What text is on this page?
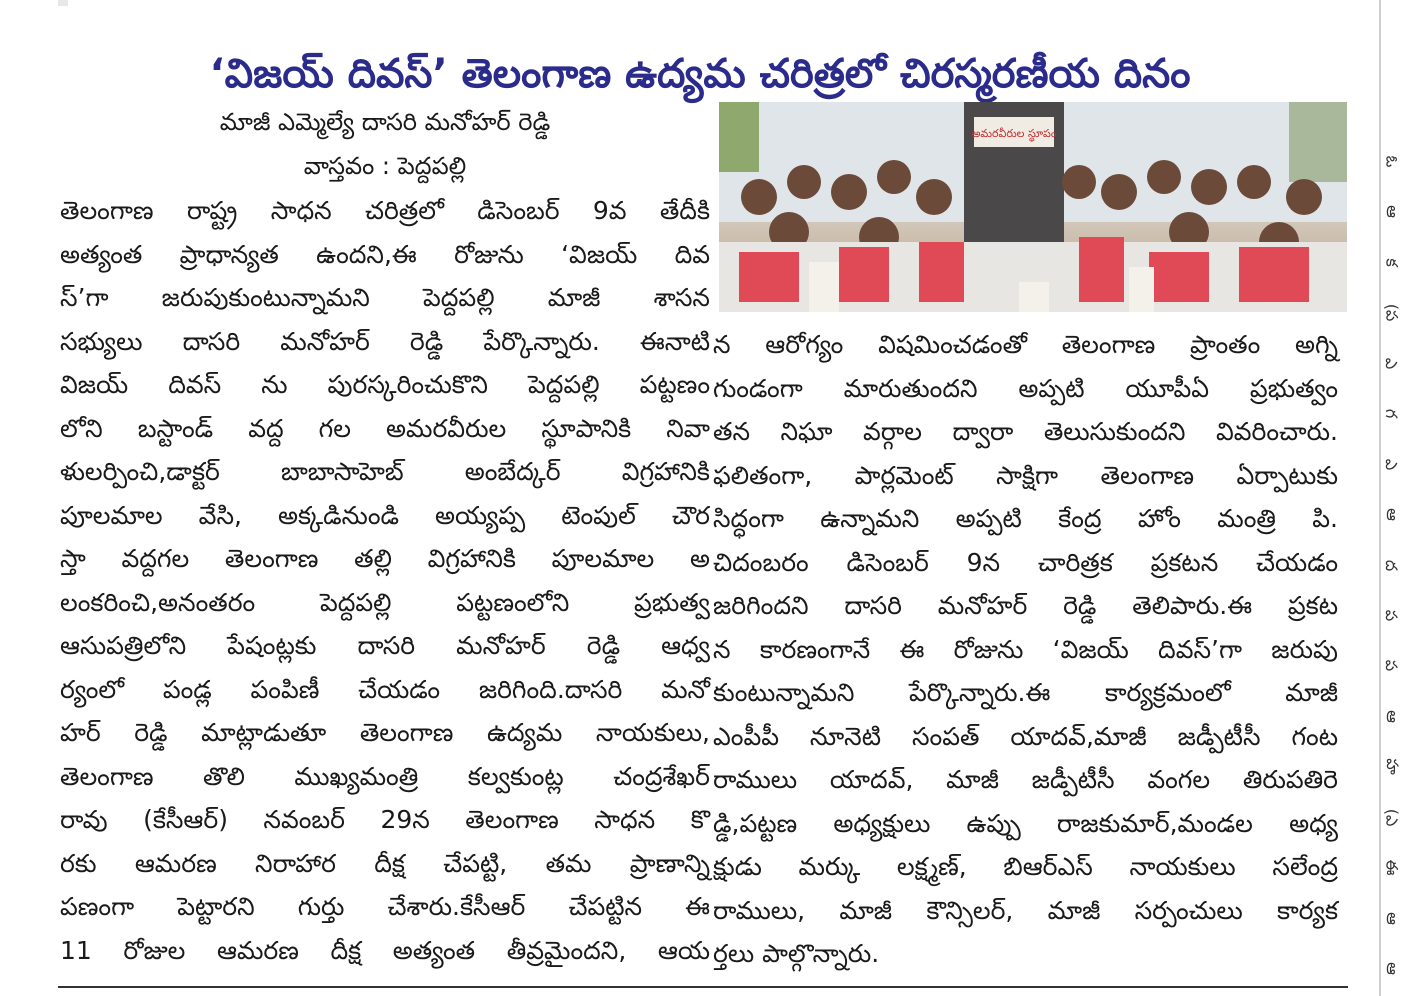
‘విజయ్ దివస్’ తెలంగాణ ఉద్యమ చరిత్రలో చిరస్మరణీయ దినం
మాజీ ఎమ్మెల్యే దాసరి మనోహర్ రెడ్డి
వాస్తవం : పెద్దపల్లి
అమరవీరుల స్థూపం

తెలంగాణ రాష్ట్ర సాధన చరిత్రలో డిసెంబర్ 9వ తేదీకి

అత్యంత ప్రాధాన్యత ఉందని,ఈ రోజును ‘విజయ్ దివ

స్’గా జరుపుకుంటున్నామని పెద్దపల్లి మాజీ శాసన

సభ్యులు దాసరి మనోహర్ రెడ్డి పేర్కొన్నారు. ఈనాటి

విజయ్ దివస్ ను పురస్కరించుకొని పెద్దపల్లి పట్టణం

లోని బస్టాండ్ వద్ద గల అమరవీరుల స్థూపానికి నివా

ళులర్పించి,డాక్టర్ బాబాసాహెబ్ అంబేద్కర్ విగ్రహానికి

పూలమాల వేసి, అక్కడినుండి అయ్యప్ప టెంపుల్ చౌర

స్తా వద్దగల తెలంగాణ తల్లి విగ్రహానికి పూలమాల అ

లంకరించి,అనంతరం పెద్దపల్లి పట్టణంలోని ప్రభుత్వ

ఆసుపత్రిలోని పేషంట్లకు దాసరి మనోహర్ రెడ్డి ఆధ్వ

ర్యంలో పండ్ల పంపిణీ చేయడం జరిగింది.దాసరి మనో

హర్ రెడ్డి మాట్లాడుతూ తెలంగాణ ఉద్యమ నాయకులు,

తెలంగాణ తొలి ముఖ్యమంత్రి కల్వకుంట్ల చంద్రశేఖర్

రావు (కేసీఆర్) నవంబర్ 29న తెలంగాణ సాధన కొ

రకు ఆమరణ నిరాహార దీక్ష చేపట్టి, తమ ప్రాణాన్ని

పణంగా పెట్టారని గుర్తు చేశారు.కేసీఆర్ చేపట్టిన ఈ

11 రోజుల ఆమరణ దీక్ష అత్యంత తీవ్రమైందని, ఆయ

న ఆరోగ్యం విషమించడంతో తెలంగాణ ప్రాంతం అగ్ని

గుండంగా మారుతుందని అప్పటి యూపీఏ ప్రభుత్వం

తన నిఘా వర్గాల ద్వారా తెలుసుకుందని వివరించారు.

ఫలితంగా, పార్లమెంట్ సాక్షిగా తెలంగాణ ఏర్పాటుకు

సిద్ధంగా ఉన్నామని అప్పటి కేంద్ర హోం మంత్రి పి.

చిదంబరం డిసెంబర్ 9న చారిత్రక ప్రకటన చేయడం

జరిగిందని దాసరి మనోహర్ రెడ్డి తెలిపారు.ఈ ప్రకట

న కారణంగానే ఈ రోజును ‘విజయ్ దివస్’గా జరుపు

కుంటున్నామని పేర్కొన్నారు.ఈ కార్యక్రమంలో మాజీ

ఎంపీపీ నూనెటి సంపత్ యాదవ్,మాజీ జడ్పీటీసీ గంట

రాములు యాదవ్, మాజీ జడ్పీటీసీ వంగల తిరుపతిరె

డ్డి,పట్టణ అధ్యక్షులు ఉప్పు రాజకుమార్,మండల అధ్య

క్షుడు మర్కు లక్ష్మణ్, బిఆర్ఎస్ నాయకులు సలేంద్ర

రాములు, మాజీ కౌన్సిలర్, మాజీ సర్పంచులు కార్యక

ర్తలు పాల్గొన్నారు.

ఓ
ఆ
క
(ప
ఎ
గ
ఎ
ఆ
ద
ప
ప
ఆ
హ
(ఎ
ఈ
ఆ
ఆ
